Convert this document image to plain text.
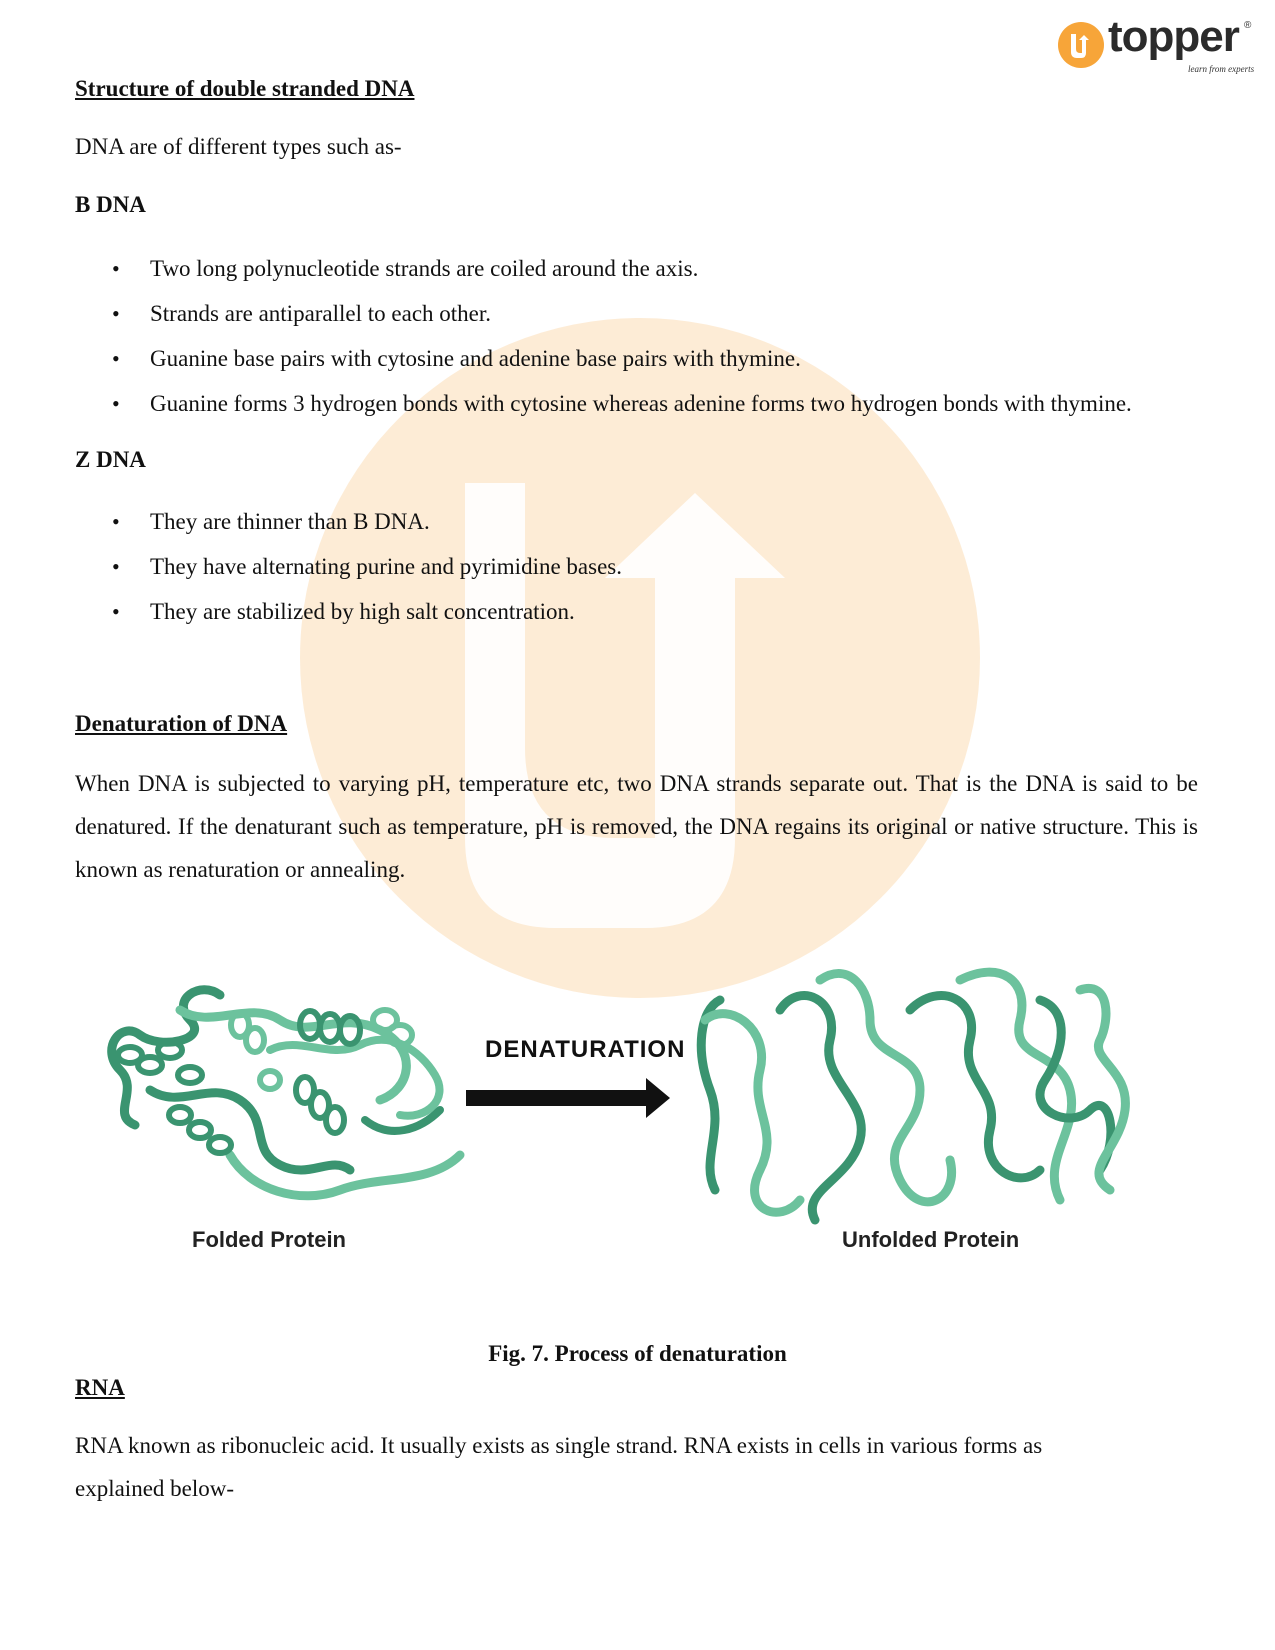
topper ®
learn from experts

Structure of double stranded DNA

DNA are of different types such as-

B DNA

• Two long polynucleotide strands are coiled around the axis.
• Strands are antiparallel to each other.
• Guanine base pairs with cytosine and adenine base pairs with thymine.
• Guanine forms 3 hydrogen bonds with cytosine whereas adenine forms two hydrogen bonds with thymine.

Z DNA

• They are thinner than B DNA.
• They have alternating purine and pyrimidine bases.
• They are stabilized by high salt concentration.

Denaturation of DNA

When DNA is subjected to varying pH, temperature etc, two DNA strands separate out. That is the DNA is said to be denatured. If the denaturant such as temperature, pH is removed, the DNA regains its original or native structure. This is known as renaturation or annealing.

DENATURATION
Folded Protein	Unfolded Protein

Fig. 7. Process of denaturation

RNA

RNA known as ribonucleic acid. It usually exists as single strand. RNA exists in cells in various forms as explained below-
